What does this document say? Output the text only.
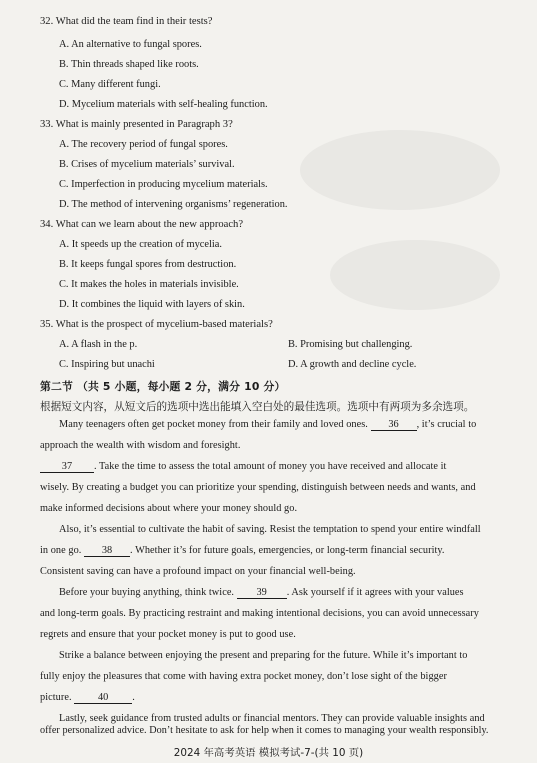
32. What did the team find in their tests?
A. An alternative to fungal spores.
B. Thin threads shaped like roots.
C. Many different fungi.
D. Mycelium materials with self-healing function.
33. What is mainly presented in Paragraph 3?
A. The recovery period of fungal spores.
B. Crises of mycelium materials’ survival.
C. Imperfection in producing mycelium materials.
D. The method of intervening organisms’ regeneration.
34. What can we learn about the new approach?
A. It speeds up the creation of mycelia.
B. It keeps fungal spores from destruction.
C. It makes the holes in materials invisible.
D. It combines the liquid with layers of skin.
35. What is the prospect of mycelium-based materials?
A. A flash in the p.	B. Promising but challenging.
C. Inspiring but unachi	D. A growth and decline cycle.
第二节 （共 5 小题，每小题 2 分，满分 10 分）
根据短文内容，从短文后的选项中选出能填入空白处的最佳选项。选项中有两项为多余选项。
Many teenagers often get pocket money from their family and loved ones. 36 , it’s crucial to
approach the wealth with wisdom and foresight.
37 . Take the time to assess the total amount of money you have received and allocate it
wisely. By creating a budget you can prioritize your spending, distinguish between needs and wants, and
make informed decisions about where your money should go.
Also, it’s essential to cultivate the habit of saving. Resist the temptation to spend your entire windfall
in one go. 38 . Whether it’s for future goals, emergencies, or long-term financial security.
Consistent saving can have a profound impact on your financial well-being.
Before your buying anything, think twice. 39 . Ask yourself if it agrees with your values
and long-term goals. By practicing restraint and making intentional decisions, you can avoid unnecessary
regrets and ensure that your pocket money is put to good use.
Strike a balance between enjoying the present and preparing for the future. While it’s important to
fully enjoy the pleasures that come with having extra pocket money, don’t lose sight of the bigger
picture.	40 .
Lastly, seek guidance from trusted adults or financial mentors. They can provide valuable insights and
offer personalized advice. Don’t hesitate to ask for help when it comes to managing your wealth responsibly.
2024 年高考英语 模拟考试-7-(共 10 页)
